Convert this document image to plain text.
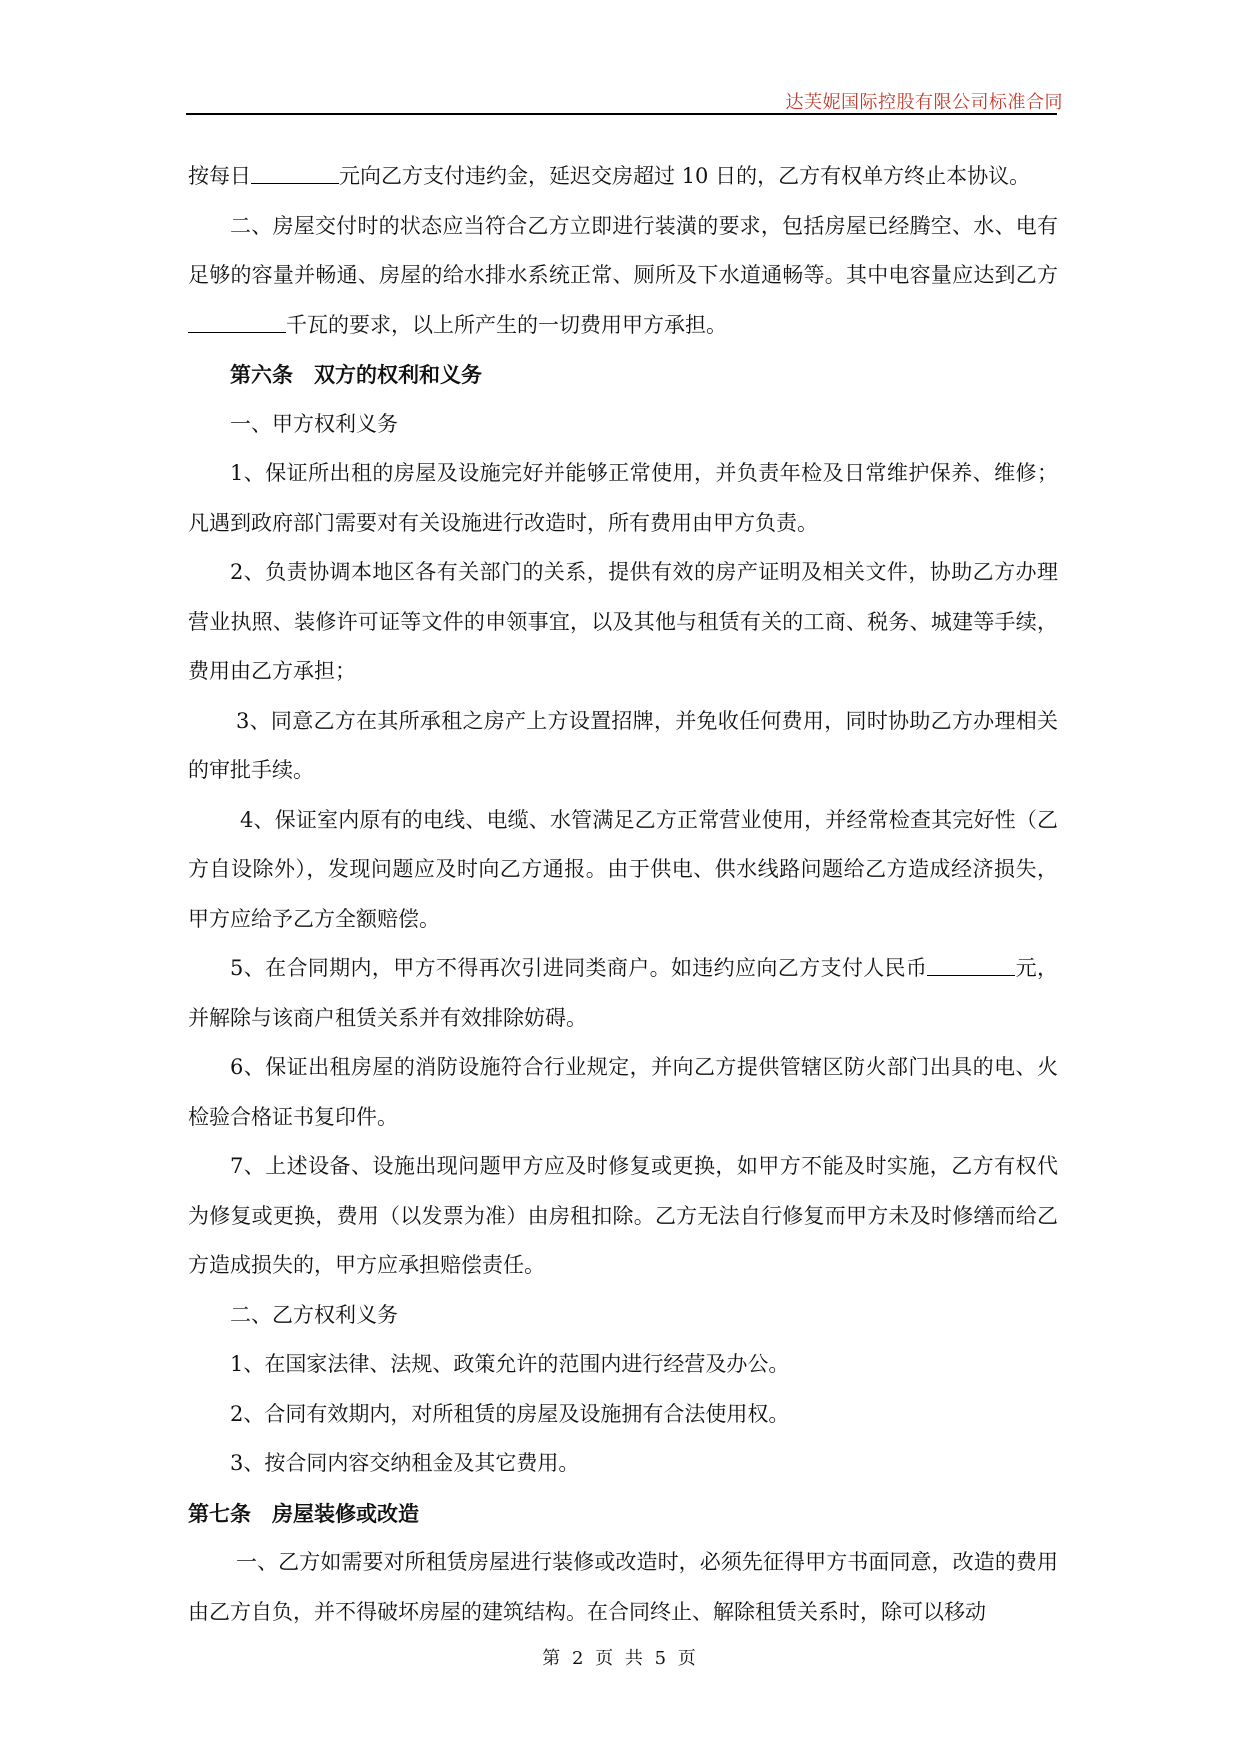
达芙妮国际控股有限公司标准合同

按每日	元向乙方支付违约金，延迟交房超过 10 日的，乙方有权单方终止本协议。

二、房屋交付时的状态应当符合乙方立即进行装潢的要求，包括房屋已经腾空、水、电有足够的容量并畅通、房屋的给水排水系统正常、厕所及下水道通畅等。其中电容量应达到乙方千瓦的要求，以上所产生的一切费用甲方承担。

第六条　双方的权利和义务

一、甲方权利义务

1、保证所出租的房屋及设施完好并能够正常使用，并负责年检及日常维护保养、维修；凡遇到政府部门需要对有关设施进行改造时，所有费用由甲方负责。

2、负责协调本地区各有关部门的关系，提供有效的房产证明及相关文件，协助乙方办理营业执照、装修许可证等文件的申领事宜，以及其他与租赁有关的工商、税务、城建等手续，费用由乙方承担；

3、同意乙方在其所承租之房产上方设置招牌，并免收任何费用，同时协助乙方办理相关的审批手续。

4、保证室内原有的电线、电缆、水管满足乙方正常营业使用，并经常检查其完好性（乙方自设除外），发现问题应及时向乙方通报。由于供电、供水线路问题给乙方造成经济损失，甲方应给予乙方全额赔偿。

5、在合同期内，甲方不得再次引进同类商户。如违约应向乙方支付人民币	元，并解除与该商户租赁关系并有效排除妨碍。

6、保证出租房屋的消防设施符合行业规定，并向乙方提供管辖区防火部门出具的电、火检验合格证书复印件。

7、上述设备、设施出现问题甲方应及时修复或更换，如甲方不能及时实施，乙方有权代为修复或更换，费用（以发票为准）由房租扣除。乙方无法自行修复而甲方未及时修缮而给乙方造成损失的，甲方应承担赔偿责任。

二、乙方权利义务

1、在国家法律、法规、政策允许的范围内进行经营及办公。

2、合同有效期内，对所租赁的房屋及设施拥有合法使用权。

3、按合同内容交纳租金及其它费用。

第七条　房屋装修或改造

一、乙方如需要对所租赁房屋进行装修或改造时，必须先征得甲方书面同意，改造的费用由乙方自负，并不得破坏房屋的建筑结构。在合同终止、解除租赁关系时，除可以移动

第 2 页 共 5 页
